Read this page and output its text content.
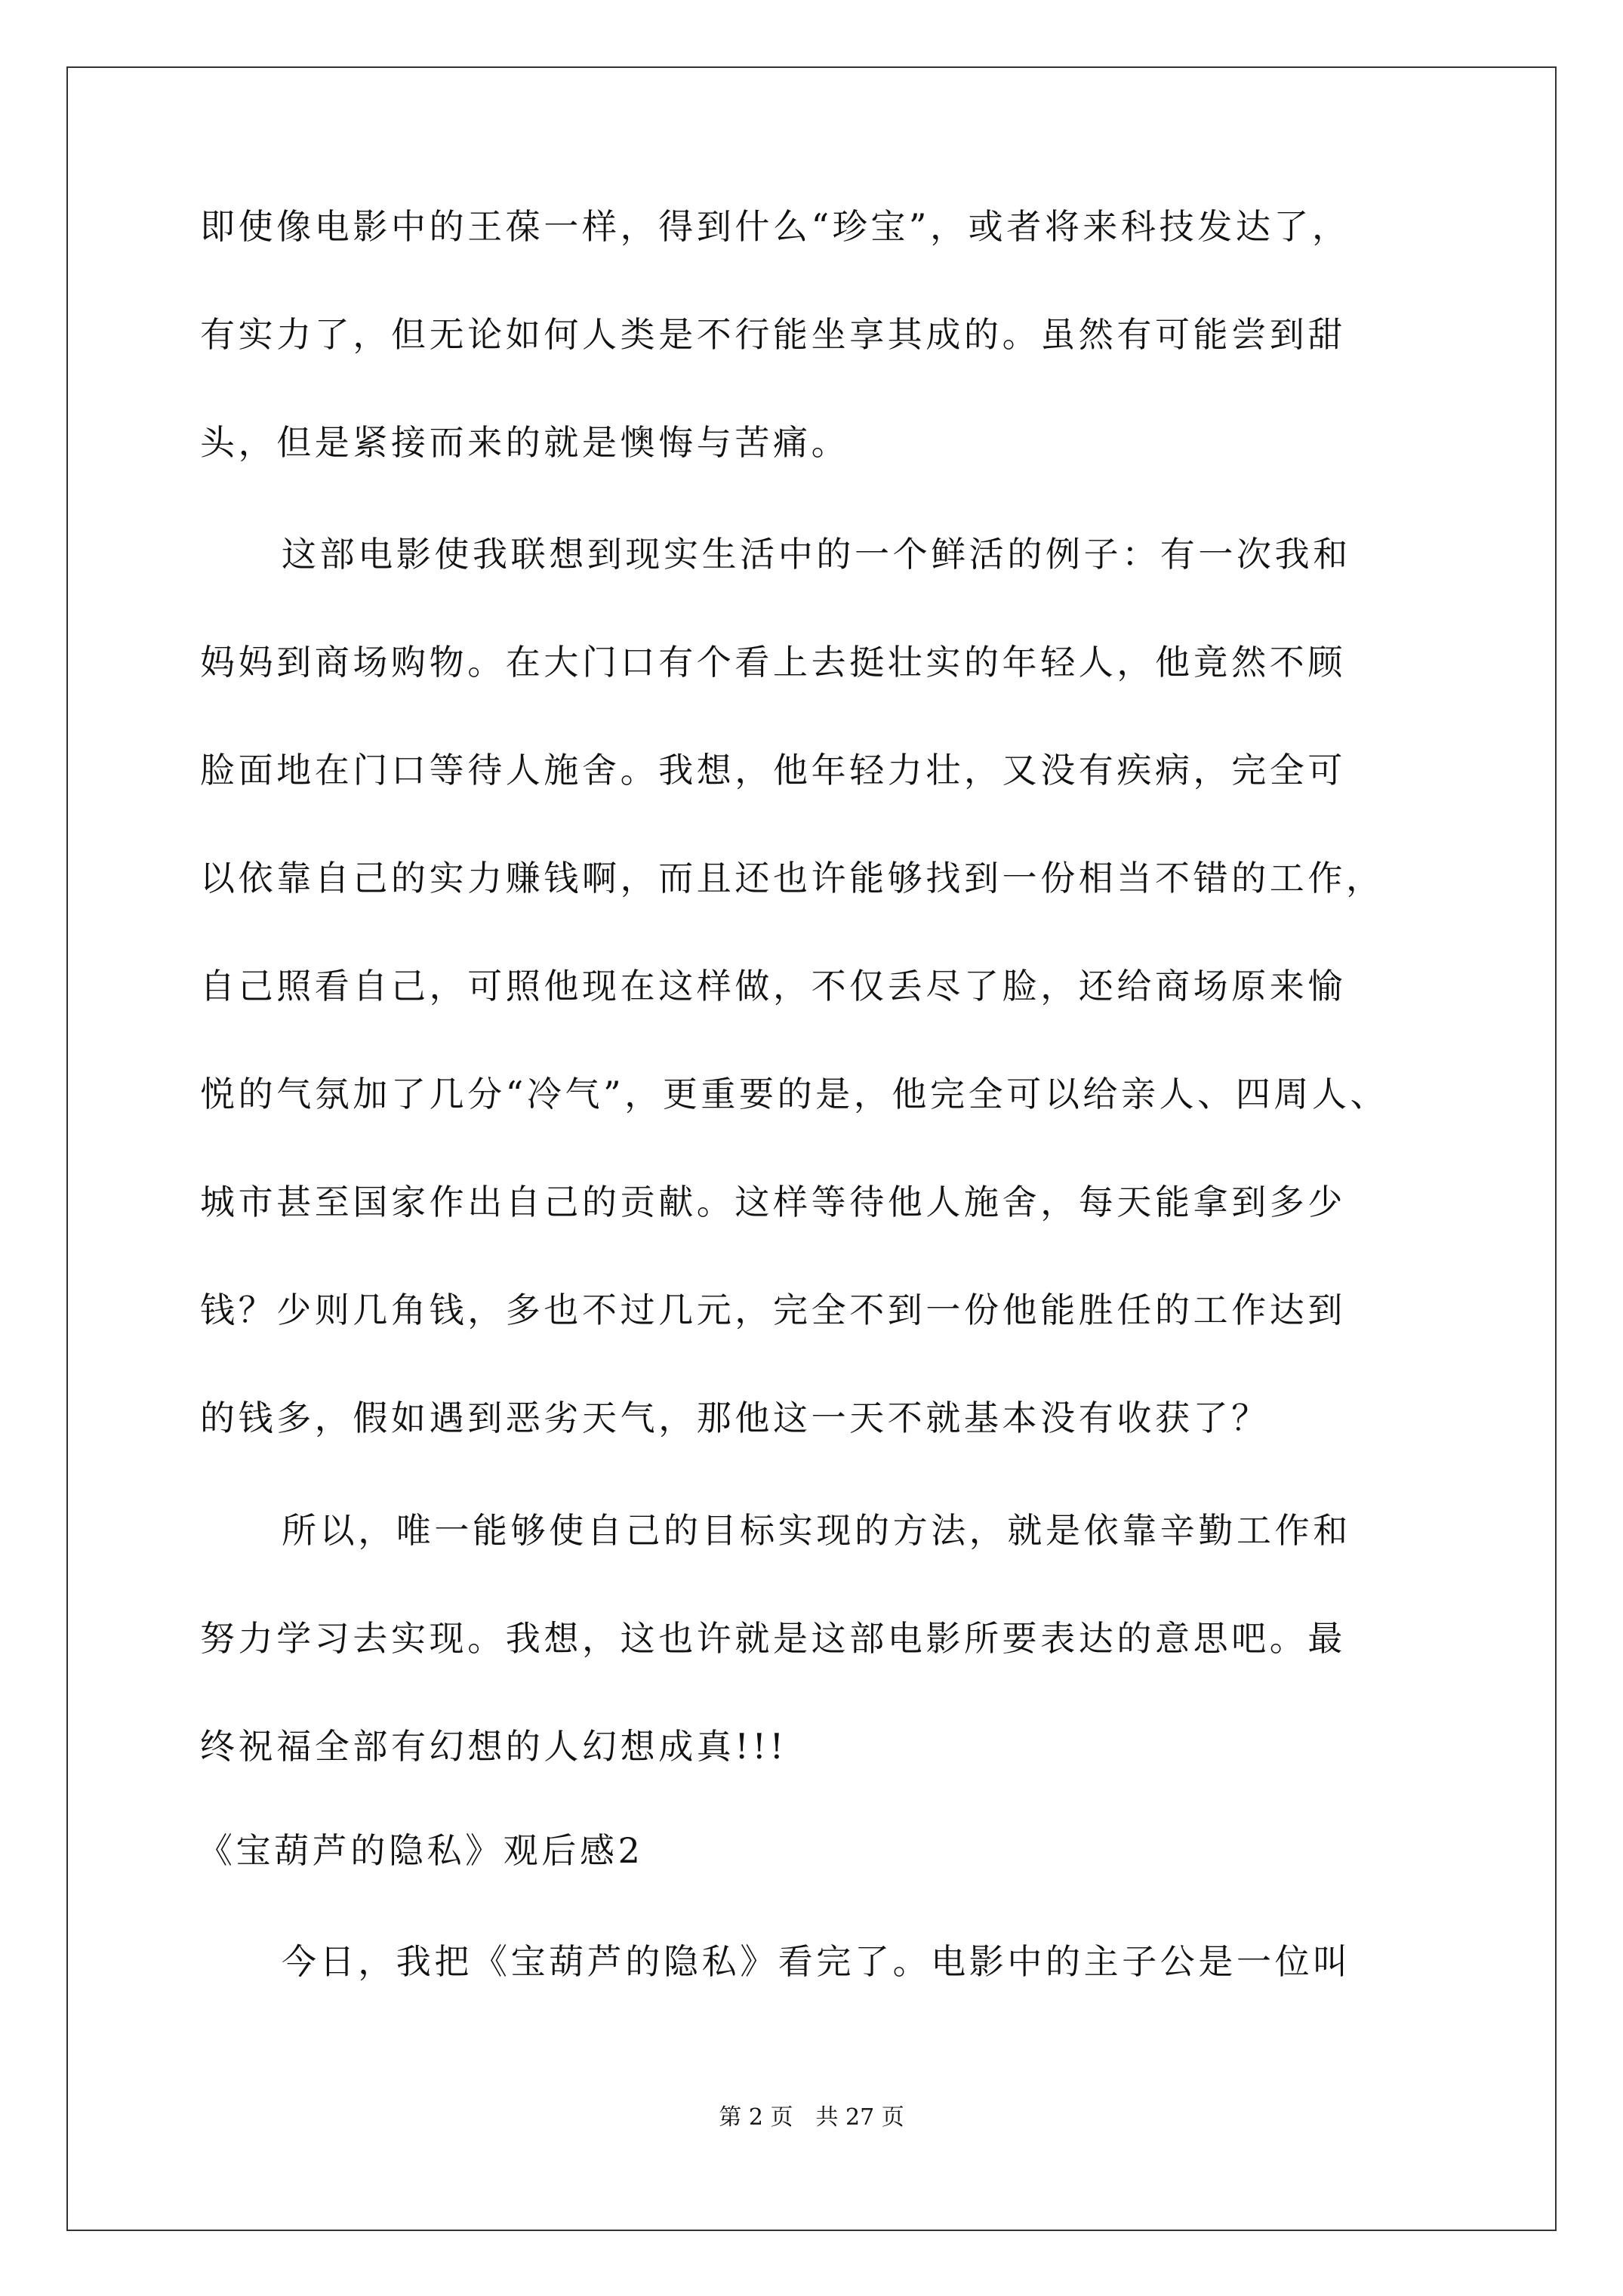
即使像电影中的王葆一样，得到什么“珍宝”，或者将来科技发达了，
有实力了，但无论如何人类是不行能坐享其成的。虽然有可能尝到甜
头，但是紧接而来的就是懊悔与苦痛。
这部电影使我联想到现实生活中的一个鲜活的例子：有一次我和
妈妈到商场购物。在大门口有个看上去挺壮实的年轻人，他竟然不顾
脸面地在门口等待人施舍。我想，他年轻力壮，又没有疾病，完全可
以依靠自己的实力赚钱啊，而且还也许能够找到一份相当不错的工作，
自己照看自己，可照他现在这样做，不仅丢尽了脸，还给商场原来愉
悦的气氛加了几分“冷气”，更重要的是，他完全可以给亲人、四周人、
城市甚至国家作出自己的贡献。这样等待他人施舍，每天能拿到多少
钱？少则几角钱，多也不过几元，完全不到一份他能胜任的工作达到
的钱多，假如遇到恶劣天气，那他这一天不就基本没有收获了？
所以，唯一能够使自己的目标实现的方法，就是依靠辛勤工作和
努力学习去实现。我想，这也许就是这部电影所要表达的意思吧。最
终祝福全部有幻想的人幻想成真!!!
《宝葫芦的隐私》观后感2
今日，我把《宝葫芦的隐私》看完了。电影中的主子公是一位叫
第 2 页　共 27 页
